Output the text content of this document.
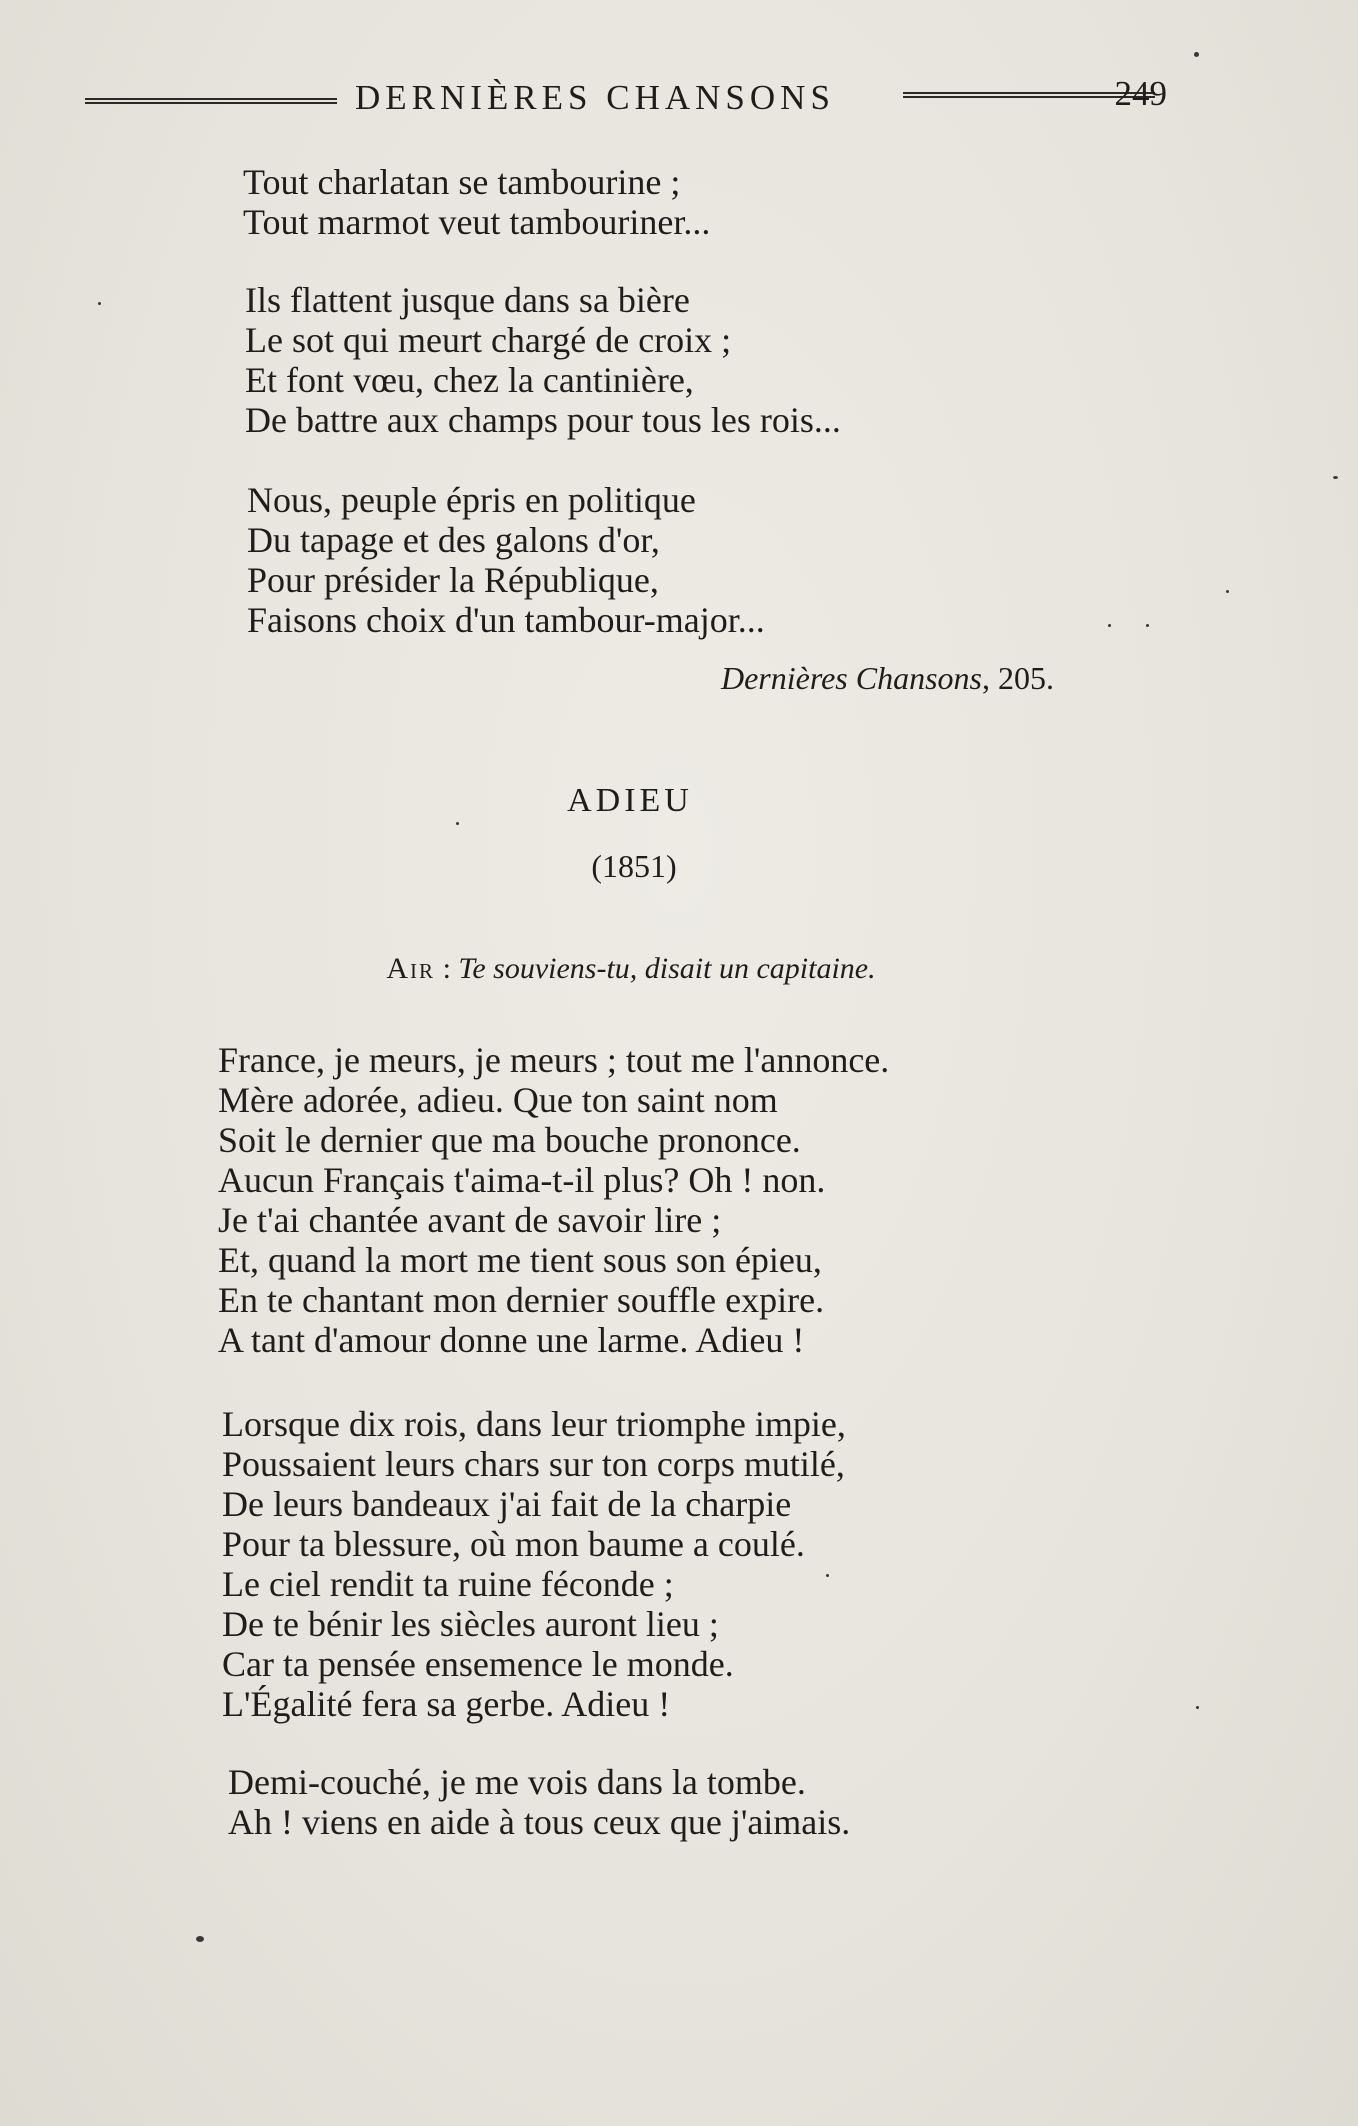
DERNIÈRES CHANSONS	249
Tout charlatan se tambourine ;
Tout marmot veut tambouriner...
Ils flattent jusque dans sa bière
Le sot qui meurt chargé de croix ;
Et font vœu, chez la cantinière,
De battre aux champs pour tous les rois...
Nous, peuple épris en politique
Du tapage et des galons d'or,
Pour présider la République,
Faisons choix d'un tambour-major...
Dernières Chansons, 205.
ADIEU
(1851)
Air : Te souviens-tu, disait un capitaine.
France, je meurs, je meurs ; tout me l'annonce.
Mère adorée, adieu. Que ton saint nom
Soit le dernier que ma bouche prononce.
Aucun Français t'aima-t-il plus? Oh ! non.
Je t'ai chantée avant de savoir lire ;
Et, quand la mort me tient sous son épieu,
En te chantant mon dernier souffle expire.
A tant d'amour donne une larme. Adieu !
Lorsque dix rois, dans leur triomphe impie,
Poussaient leurs chars sur ton corps mutilé,
De leurs bandeaux j'ai fait de la charpie
Pour ta blessure, où mon baume a coulé.
Le ciel rendit ta ruine féconde ;
De te bénir les siècles auront lieu ;
Car ta pensée ensemence le monde.
L'Égalité fera sa gerbe. Adieu !
Demi-couché, je me vois dans la tombe.
Ah ! viens en aide à tous ceux que j'aimais.
